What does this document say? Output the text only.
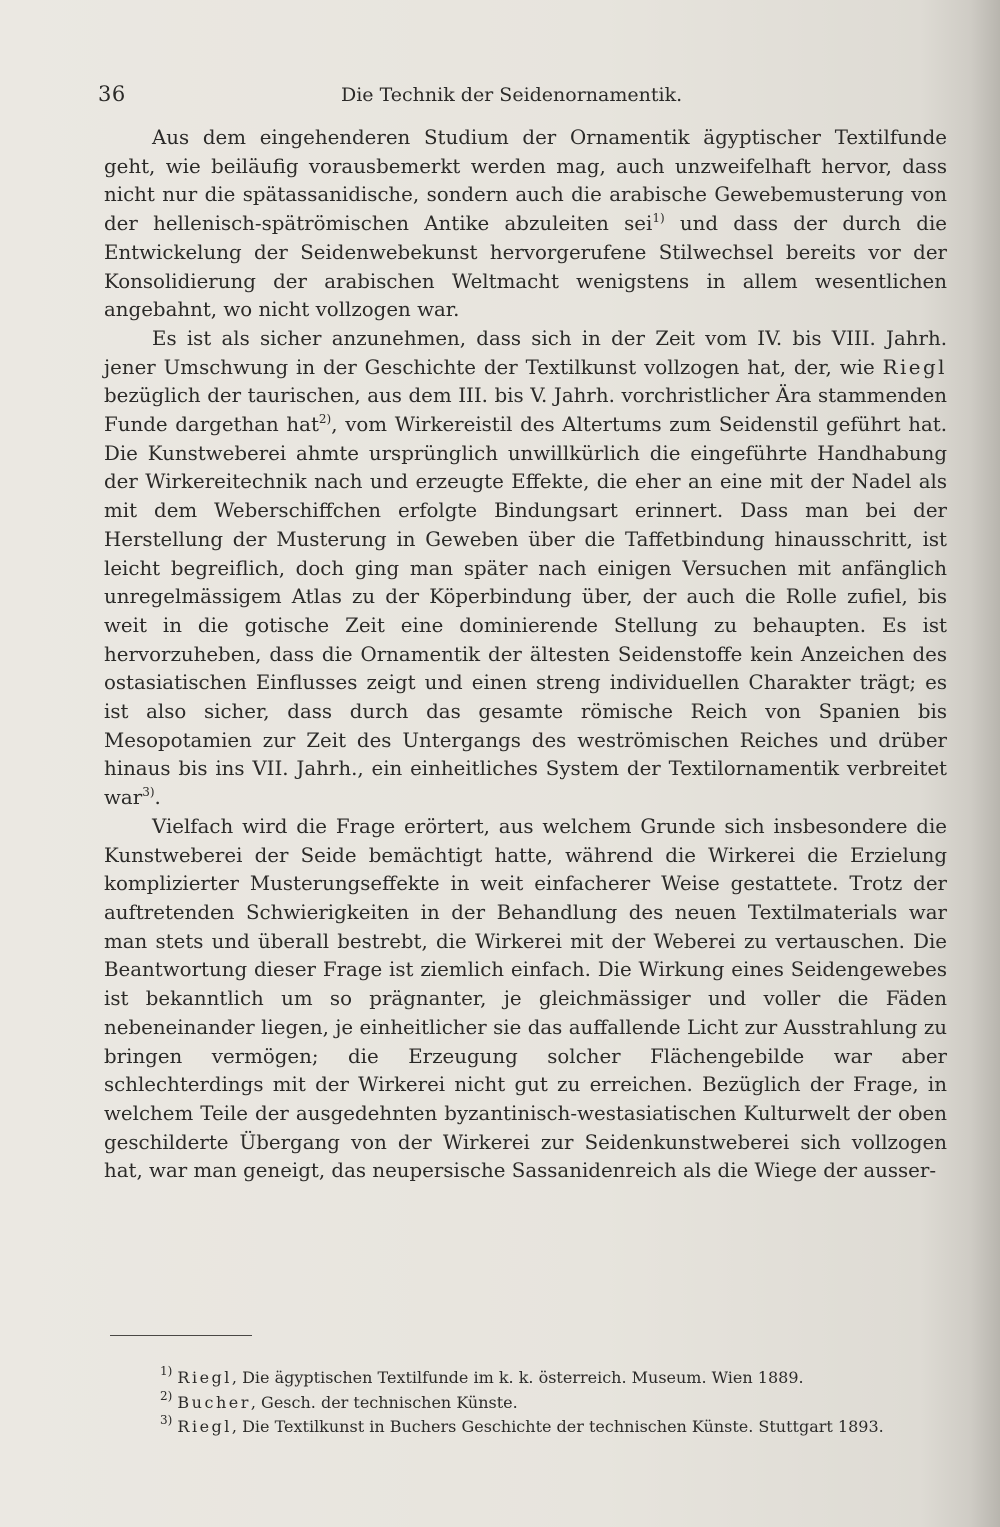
36	Die Technik der Seidenornamentik.

Aus dem eingehenderen Studium der Ornamentik ägyptischer Textilfunde geht, wie beiläufig vorausbemerkt werden mag, auch unzweifelhaft hervor, dass nicht nur die spätassanidische, sondern auch die arabische Gewebemusterung von der hellenisch-spätrömischen Antike abzuleiten sei$^{1)}$ und dass der durch die Entwickelung der Seidenwebekunst hervorgerufene Stilwechsel bereits vor der Konsolidierung der arabischen Weltmacht wenigstens in allem wesentlichen angebahnt, wo nicht vollzogen war.

Es ist als sicher anzunehmen, dass sich in der Zeit vom IV. bis VIII. Jahrh. jener Umschwung in der Geschichte der Textilkunst vollzogen hat, der, wie Riegl bezüglich der taurischen, aus dem III. bis V. Jahrh. vorchristlicher Ära stammenden Funde dargethan hat$^{2)}$, vom Wirkereistil des Altertums zum Seidenstil geführt hat. Die Kunstweberei ahmte ursprünglich unwillkürlich die eingeführte Handhabung der Wirkereitechnik nach und erzeugte Effekte, die eher an eine mit der Nadel als mit dem Weberschiffchen erfolgte Bindungsart erinnert. Dass man bei der Herstellung der Musterung in Geweben über die Taffetbindung hinausschritt, ist leicht begreiflich, doch ging man später nach einigen Versuchen mit anfänglich unregelmässigem Atlas zu der Köperbindung über, der auch die Rolle zufiel, bis weit in die gotische Zeit eine dominierende Stellung zu behaupten. Es ist hervorzuheben, dass die Ornamentik der ältesten Seidenstoffe kein Anzeichen des ostasiatischen Einflusses zeigt und einen streng individuellen Charakter trägt; es ist also sicher, dass durch das gesamte römische Reich von Spanien bis Mesopotamien zur Zeit des Untergangs des weströmischen Reiches und drüber hinaus bis ins VII. Jahrh., ein einheitliches System der Textilornamentik verbreitet war$^{3)}$.

Vielfach wird die Frage erörtert, aus welchem Grunde sich insbesondere die Kunstweberei der Seide bemächtigt hatte, während die Wirkerei die Erzielung komplizierter Musterungseffekte in weit einfacherer Weise gestattete. Trotz der auftretenden Schwierigkeiten in der Behandlung des neuen Textilmaterials war man stets und überall bestrebt, die Wirkerei mit der Weberei zu vertauschen. Die Beantwortung dieser Frage ist ziemlich einfach. Die Wirkung eines Seidengewebes ist bekanntlich um so prägnanter, je gleichmässiger und voller die Fäden nebeneinander liegen, je einheitlicher sie das auffallende Licht zur Ausstrahlung zu bringen vermögen; die Erzeugung solcher Flächengebilde war aber schlechterdings mit der Wirkerei nicht gut zu erreichen. Bezüglich der Frage, in welchem Teile der ausgedehnten byzantinisch-westasiatischen Kulturwelt der oben geschilderte Übergang von der Wirkerei zur Seidenkunstweberei sich vollzogen hat, war man geneigt, das neupersische Sassanidenreich als die Wiege der ausser-

$^{1)}$ Riegl, Die ägyptischen Textilfunde im k. k. österreich. Museum. Wien 1889.

$^{2)}$ Bucher, Gesch. der technischen Künste.

$^{3)}$ Riegl, Die Textilkunst in Buchers Geschichte der technischen Künste. Stuttgart 1893.
